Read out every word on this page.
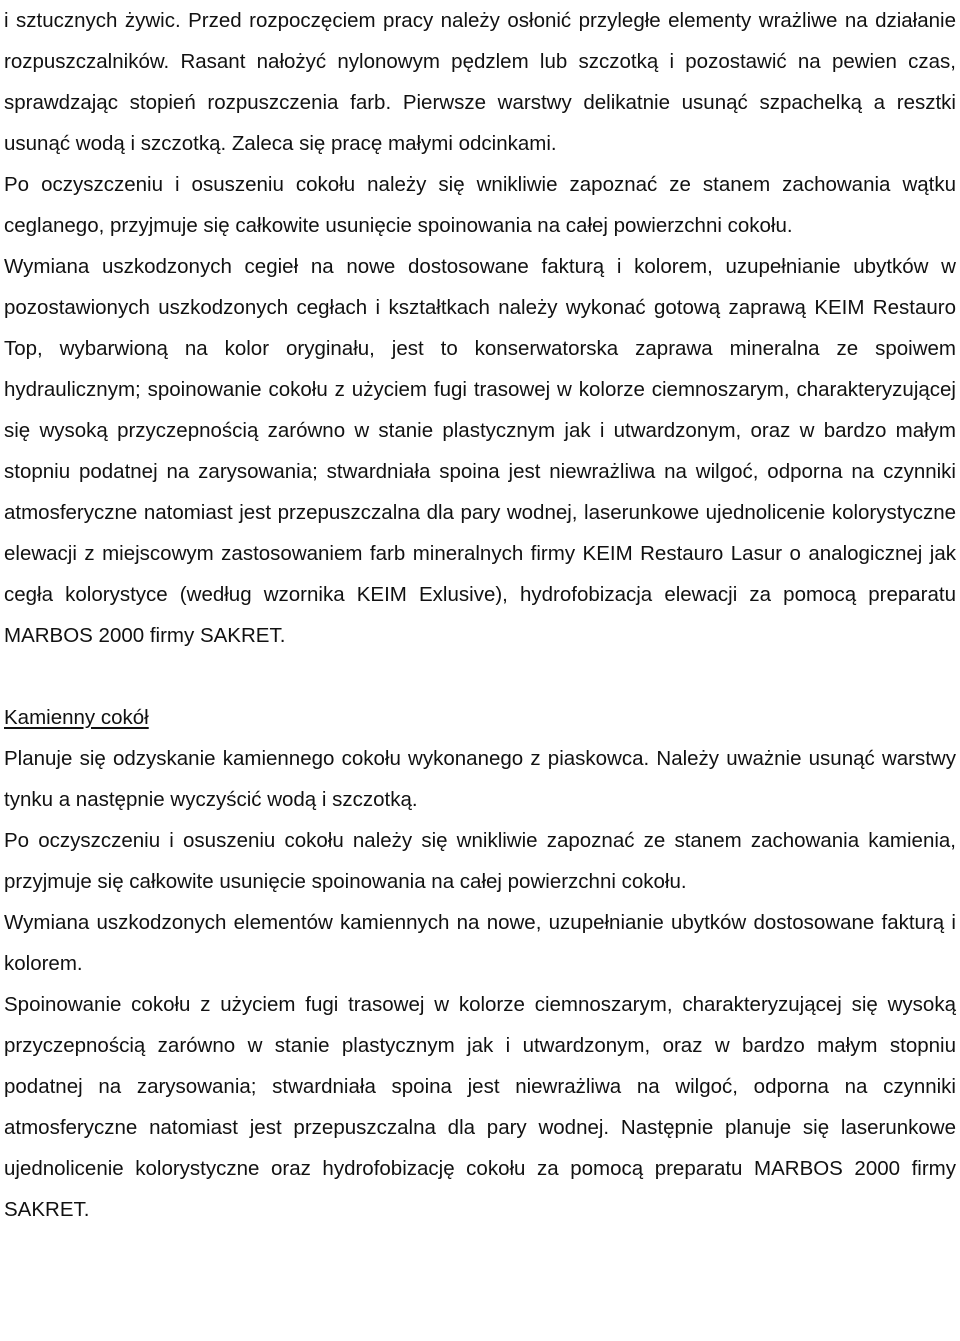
i sztucznych żywic. Przed rozpoczęciem pracy należy osłonić przyległe elementy wrażliwe na działanie rozpuszczalników. Rasant nałożyć nylonowym pędzlem lub szczotką i pozostawić na pewien czas, sprawdzając stopień rozpuszczenia farb. Pierwsze warstwy delikatnie usunąć szpachelką a resztki usunąć wodą i szczotką. Zaleca się pracę małymi odcinkami.

Po oczyszczeniu i osuszeniu cokołu należy się wnikliwie zapoznać ze stanem zachowania wątku ceglanego, przyjmuje się całkowite usunięcie spoinowania na całej powierzchni cokołu.

Wymiana uszkodzonych cegieł na nowe dostosowane fakturą i kolorem, uzupełnianie ubytków w pozostawionych uszkodzonych cegłach i kształtkach należy wykonać gotową zaprawą KEIM Restauro Top, wybarwioną na kolor oryginału, jest to konserwatorska zaprawa mineralna ze spoiwem hydraulicznym; spoinowanie cokołu z użyciem fugi trasowej w kolorze ciemnoszarym, charakteryzującej się wysoką przyczepnością zarówno w stanie plastycznym jak i utwardzonym, oraz w bardzo małym stopniu podatnej na zarysowania; stwardniała spoina jest niewrażliwa na wilgoć, odporna na czynniki atmosferyczne natomiast jest przepuszczalna dla pary wodnej, laserunkowe ujednolicenie kolorystyczne elewacji z miejscowym zastosowaniem farb mineralnych firmy KEIM Restauro Lasur o analogicznej jak cegła kolorystyce (według wzornika KEIM Exlusive), hydrofobizacja elewacji za pomocą preparatu MARBOS 2000 firmy SAKRET.

Kamienny cokół

Planuje się odzyskanie kamiennego cokołu wykonanego z piaskowca. Należy uważnie usunąć warstwy tynku a następnie wyczyścić wodą i szczotką.

Po oczyszczeniu i osuszeniu cokołu należy się wnikliwie zapoznać ze stanem zachowania kamienia, przyjmuje się całkowite usunięcie spoinowania na całej powierzchni cokołu.

Wymiana uszkodzonych elementów kamiennych na nowe, uzupełnianie ubytków dostosowane fakturą i kolorem.

Spoinowanie cokołu z użyciem fugi trasowej w kolorze ciemnoszarym, charakteryzującej się wysoką przyczepnością zarówno w stanie plastycznym jak i utwardzonym, oraz w bardzo małym stopniu podatnej na zarysowania; stwardniała spoina jest niewrażliwa na wilgoć, odporna na czynniki atmosferyczne natomiast jest przepuszczalna dla pary wodnej. Następnie planuje się laserunkowe ujednolicenie kolorystyczne oraz hydrofobizację cokołu za pomocą preparatu MARBOS 2000 firmy SAKRET.
